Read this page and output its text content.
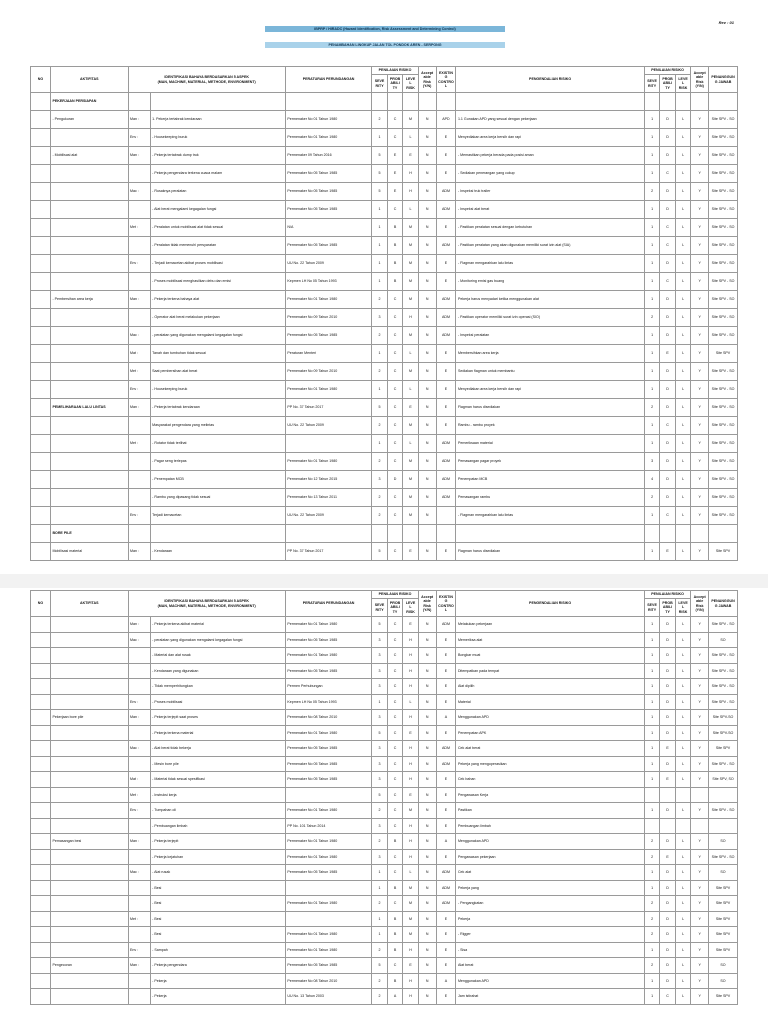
Rev : 01
IBPRP / HIRADC (Hazard Identification, Risk Assessment and Determining Control)
PENAMBAHAN LINGKUP JALAN TOL PONDOK AREN - SERPONG
NO	AKTIFITAS	IDENTIFIKASI BAHAYA BERDASARKAN 5 ASPEK
(MAN, MACHINE, MATERIAL, METHODE, ENVIRONMENT)		PERATURAN PERUNDANGAN	PENILAIAN RISIKO			Acceptable Risk (Y/N)	EXISTING CONTROL	PENGENDALIAN RISIKO	PENILAIAN RISIKO			Acceptable Risk (Y/N)	PENANGGUNG JAWAB
					SEVERITY	PROBABILITY	LEVEL RISK				SEVERITY	PROBABILITY	LEVEL RISK		
	PEKERJAAN PERSIAPAN														
	- Pengukuran	Man :	1. Pekerja tertabrak kendaraan	Permenaker No 01 Tahun 1980	2	C	M	N	APD	1.1 Gunakan APD yang sesuai dengan pekerjaan	1	D	L	Y	Site SPV - SO
		Env :	- Housekeeping buruk	Permenaker No 01 Tahun 1980	1	C	L	N	E	Menyediakan area kerja bersih dan rapi	1	D	L	Y	Site SPV - SO
	- Mobilisasi alat	Man :	- Pekerja tertabrak dump truk	Permenaker 09 Tahun 2016	5	E	E	N	E	- Memastikan pekerja berada pada posisi aman	1	D	L	Y	Site SPV - SO
			- Pekerja pengendara terkena cuaca malam	Permenaker No 05 Tahun 1985	5	E	H	N	E	- Sediakan penerangan yang cukup	1	C	L	Y	Site SPV - SO
		Mac :	- Rusaknya peralatan	Permenaker No 05 Tahun 1985	5	E	H	N	ADM	- Inspeksi truk trailer	2	D	L	Y	Site SPV - SO
			- Alat berat mengalami kegagalan fungsi	Permenaker No 05 Tahun 1985	1	C	L	N	ADM	- Inspeksi alat berat	1	D	L	Y	Site SPV - SO
		Met :	- Peralatan untuk mobilisasi alat tidak sesuai	N/A	1	B	M	N	E	- Pastikan peralatan sesuai dengan kebutuhan	1	C	L	Y	Site SPV - SO
			- Peralatan tidak memenuhi persyaratan	Permenaker No 05 Tahun 1985	1	B	M	N	ADM	- Pastikan peralatan yang akan digunakan memiliki surat izin alat (SIA)	1	C	L	Y	Site SPV - SO
		Env :	- Terjadi kemacetan akibat proses mobilisasi	UU No. 22 Tahun 2009	1	B	M	N	E	- Flagman mengarahkan lalu lintas	1	D	L	Y	Site SPV - SO
			- Proses mobilisasi menghasilkan debu dan emisi	Kepmen LH No 05 Tahun 1993	1	B	M	N	E	- Monitoring emisi gas buang	1	C	L	Y	Site SPV - SO
	- Pembersihan area kerja	Man :	- Pekerja terkena bahaya alat	Permenaker No 01 Tahun 1980	2	C	M	N	ADM	Pekerja harus menyadari ketika menggunakan alat	1	D	L	Y	Site SPV - SO
			- Operator alat berat melakukan pekerjaan	Permenaker No 09 Tahun 2010	3	C	H	N	ADM	- Pastikan operator memiliki surat izin operasi (SIO)	2	D	L	Y	Site SPV - SO
		Mac :	- peralatan yang digunakan mengalami kegagalan fungsi	Permenaker No 05 Tahun 1985	2	C	M	N	ADM	- Inspeksi peralatan	1	D	L	Y	Site SPV - SO
		Mat :	Tanah dan tumbuhan tidak sesuai	Peraturan Menteri	1	C	L	N	E	Membersihkan area kerja	1	E	L	Y	Site SPV
		Met :	Saat pembersihan alat berat	Permenaker No 09 Tahun 2010	2	C	M	N	E	Sediakan flagman untuk membantu	1	D	L	Y	Site SPV - SO
		Env :	- Housekeeping buruk	Permenaker No 01 Tahun 1980	1	C	L	N	E	Menyediakan area kerja bersih dan rapi	1	D	L	Y	Site SPV - SO
	PEMELIHARAAN LALU LINTAS	Man :	- Pekerja tertabrak kendaraan	PP No. 37 Tahun 2017	5	C	E	N	E	Flagman harus disediakan	2	D	L	Y	Site SPV - SO
			Masyarakat pengendara yang melintas	UU No. 22 Tahun 2009	2	C	M	N	E	Rambu - rambu proyek	1	C	L	Y	Site SPV - SO
		Met :	- Rotator tidak terlihat		1	C	L	N	ADM	Pemeriksaan material	1	D	L	Y	Site SPV - SO
			- Pagar seng terlepas	Permenaker No 01 Tahun 1980	2	C	M	N	ADM	Pemasangan pagar proyek	3	D	L	Y	Site SPV - SO
			- Penempatan MCB	Permenaker No 12 Tahun 2015	3	D	M	N	ADM	Penempatan MCB	4	D	L	Y	Site SPV - SO
			- Rambu yang dipasang tidak sesuai	Permenaker No 13 Tahun 2011	2	C	M	N	ADM	Pemasangan rambu	2	D	L	Y	Site SPV - SO
		Env :	Terjadi kemacetan	UU No. 22 Tahun 2009	2	C	M	N		- Flagman mengarahkan lalu lintas	1	C	L	Y	Site SPV - SO
	BORE PILE														
	Mobilisasi material	Man :	- Kendaraan	PP No. 37 Tahun 2017	5	C	E	N	E	Flagman harus disediakan	1	E	L	Y	Site SPV
NO	AKTIFITAS	IDENTIFIKASI BAHAYA BERDASARKAN 5 ASPEK
(MAN, MACHINE, MATERIAL, METHODE, ENVIRONMENT)		PERATURAN PERUNDANGAN	PENILAIAN RISIKO			Acceptable Risk (Y/N)	EXISTING CONTROL	PENGENDALIAN RISIKO	PENILAIAN RISIKO			Acceptable Risk (Y/N)	PENANGGUNG JAWAB
					SEVERITY	PROBABILITY	LEVEL RISK				SEVERITY	PROBABILITY	LEVEL RISK		
		Man :	- Pekerja terkena akibat material	Permenaker No 01 Tahun 1980	5	C	E	N	ADM	Melakukan pekerjaan	1	D	L	Y	Site SPV - SO
		Mac :	- peralatan yang digunakan mengalami kegagalan fungsi	Permenaker No 05 Tahun 1985	3	C	H	N	E	Memeriksa alat	1	D	L	Y	SO
			- Material dan alat rusak	Permenaker No 01 Tahun 1980	3	C	H	N	E	Bongkar muat	1	D	L	Y	Site SPV - SO
			- Kendaraan yang digunakan	Permenaker No 05 Tahun 1985	3	C	H	N	E	Ditempatkan pada tempat	1	D	L	Y	Site SPV - SO
			- Tidak memperhitungkan	Permen Perhubungan	3	C	H	N	E	Alat dipilih	1	D	L	Y	Site SPV - SO
		Env :	- Proses mobilisasi	Kepmen LH No 05 Tahun 1993	1	C	L	N	E	Material	1	D	L	Y	Site SPV - SO
	Pekerjaan bore pile	Man :	- Pekerja terjepit saat proses	Permenaker No 08 Tahun 2010	3	C	H	N	A	Menggunakan APD	1	D	L	Y	Site SPV-SO
			- Pekerja terkena material	Permenaker No 01 Tahun 1980	5	C	E	N	E	Penempatan APK	1	D	L	Y	Site SPV-SO
		Mac :	- Alat berat tidak bekerja	Permenaker No 05 Tahun 1985	3	C	H	N	ADM	Cek alat berat	1	E	L	Y	Site SPV
			- Mesin bore pile	Permenaker No 05 Tahun 1985	3	C	H	N	ADM	Pekerja yang mengoperasikan	1	D	L	Y	Site SPV - SO
		Mat :	- Material tidak sesuai spesifikasi	Permenaker No 05 Tahun 1985	3	C	H	N	E	Cek bahan	1	E	L	Y	Site SPV, SO
		Met :	- Instruksi kerja		5	C	E	N	E	Pengawasan Kerja					
		Env :	- Tumpahan oli	Permenaker No 01 Tahun 1980	2	C	M	N	E	Pastikan	1	D	L	Y	Site SPV - SO
			- Pembuangan limbah	PP No. 101 Tahun 2014	3	C	H	N	E	Pembuangan limbah					
	Pemasangan besi	Man :	- Pekerja terjepit	Permenaker No 01 Tahun 1980	2	B	H	N	A	Menggunakan APD	2	D	L	Y	SO
			- Pekerja kejatuhan	Permenaker No 01 Tahun 1980	3	C	H	N	E	Pengawasan pekerjaan	2	E	L	Y	Site SPV - SO
		Mac :	- Alat rusak	Permenaker No 05 Tahun 1985	1	C	L	N	ADM	Cek alat	1	D	L	Y	SO
			- Besi		1	B	M	N	ADM	Pekerja yang	1	D	L	Y	Site SPV
			- Besi	Permenaker No 01 Tahun 1980	2	C	M	N	ADM	- Pengangkatan	2	D	L	Y	Site SPV
		Met :	- Besi		1	B	M	N	E	Pekerja	2	D	L	Y	Site SPV
			- Besi	Permenaker No 01 Tahun 1980	1	B	M	N	E	- Rigger	2	D	L	Y	Site SPV
		Env :	- Sampah	Permenaker No 01 Tahun 1980	2	B	H	N	E	- Sisa	1	D	L	Y	Site SPV
	Pengecoran	Man :	- Pekerja pengendara	Permenaker No 05 Tahun 1985	5	C	E	N	E	Alat berat	2	D	L	Y	SO
			- Pekerja	Permenaker No 08 Tahun 2010	2	B	H	N	A	Menggunakan APD	1	D	L	Y	SO
			- Pekerja	UU No. 13 Tahun 2003	2	A	H	N	E	Jam istirahat	1	C	L	Y	Site SPV
